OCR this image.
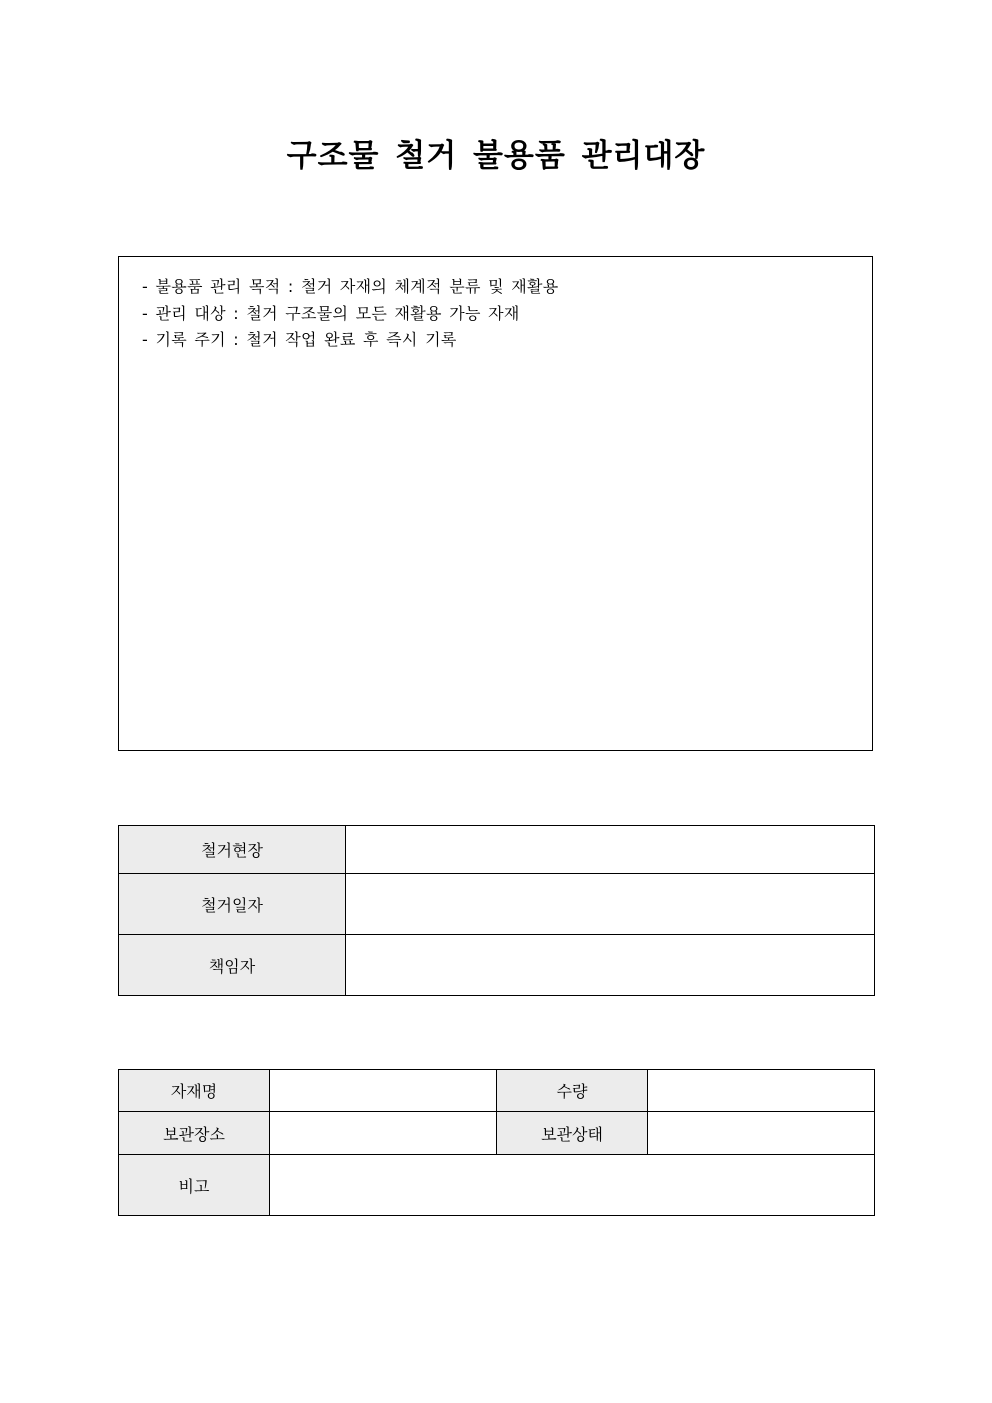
구조물 철거 불용품 관리대장
- 불용품 관리 목적 : 철거 자재의 체계적 분류 및 재활용
- 관리 대상 : 철거 구조물의 모든 재활용 가능 자재
- 기록 주기 : 철거 작업 완료 후 즉시 기록
철거현장	
철거일자	
책임자	
자재명		수량	
보관장소		보관상태	
비고			
